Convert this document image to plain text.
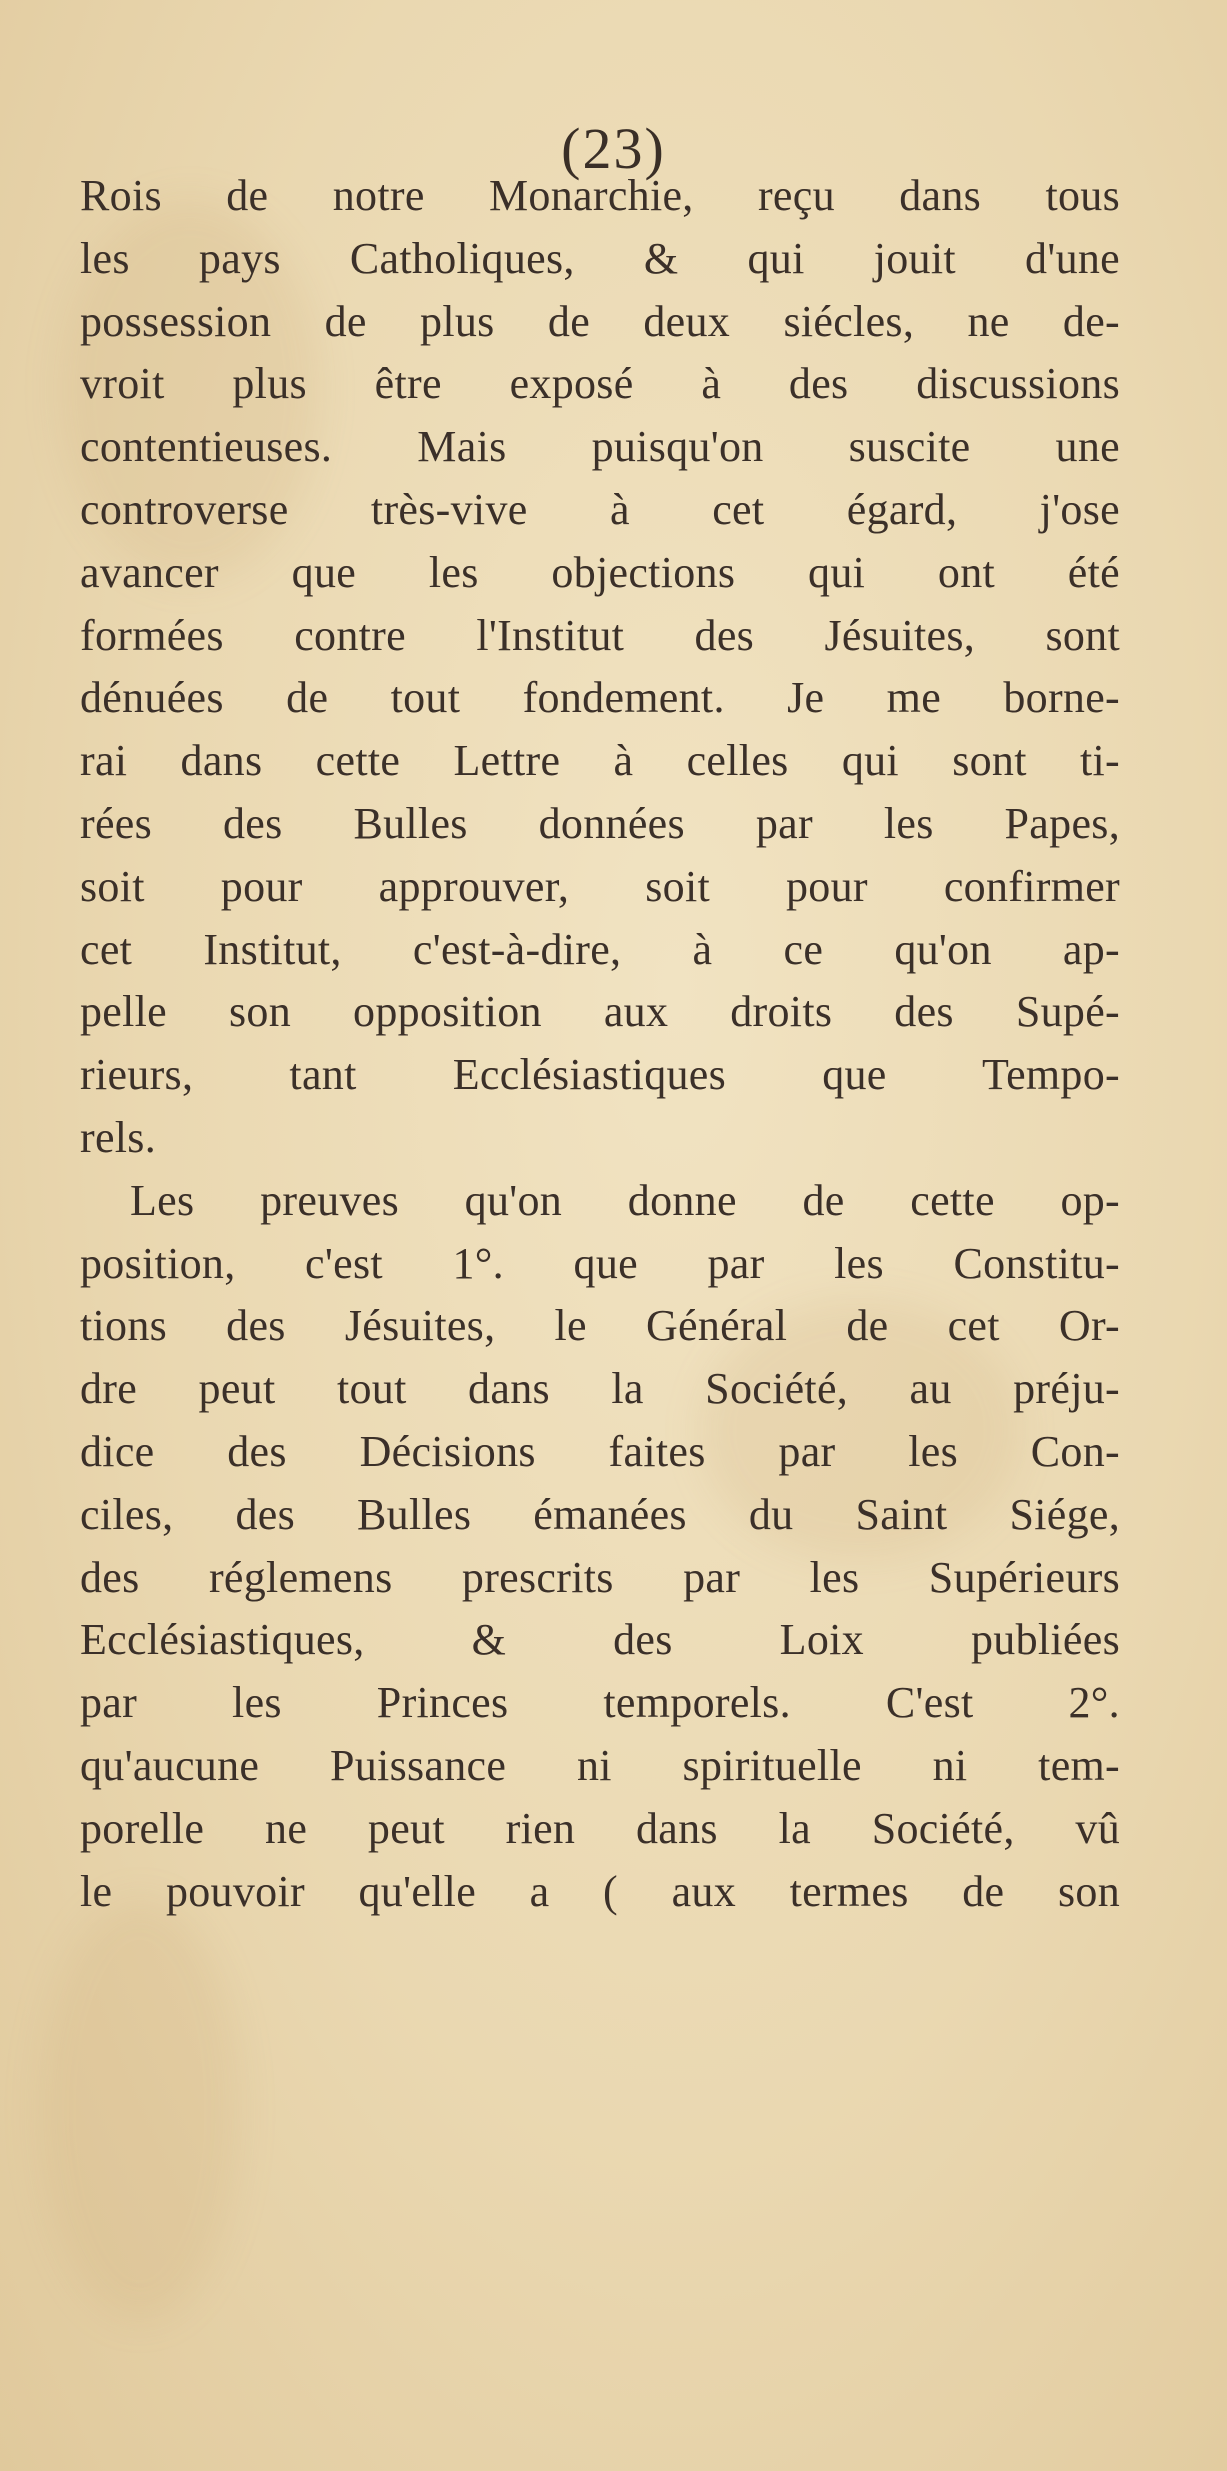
(23)
Rois de notre Monarchie, reçu dans tous
les pays Catholiques, & qui jouit d'une
possession de plus de deux siécles, ne de-
vroit plus être exposé à des discussions
contentieuses. Mais puisqu'on suscite une
controverse très-vive à cet égard, j'ose
avancer que les objections qui ont été
formées contre l'Institut des Jésuites, sont
dénuées de tout fondement. Je me borne-
rai dans cette Lettre à celles qui sont ti-
rées des Bulles données par les Papes,
soit pour approuver, soit pour confirmer
cet Institut, c'est-à-dire, à ce qu'on ap-
pelle son opposition aux droits des Supé-
rieurs, tant Ecclésiastiques que Tempo-
rels.
Les preuves qu'on donne de cette op-
position, c'est 1°. que par les Constitu-
tions des Jésuites, le Général de cet Or-
dre peut tout dans la Société, au préju-
dice des Décisions faites par les Con-
ciles, des Bulles émanées du Saint Siége,
des réglemens prescrits par les Supérieurs
Ecclésiastiques, & des Loix publiées
par les Princes temporels. C'est 2°.
qu'aucune Puissance ni spirituelle ni tem-
porelle ne peut rien dans la Société, vû
le pouvoir qu'elle a ( aux termes de son
